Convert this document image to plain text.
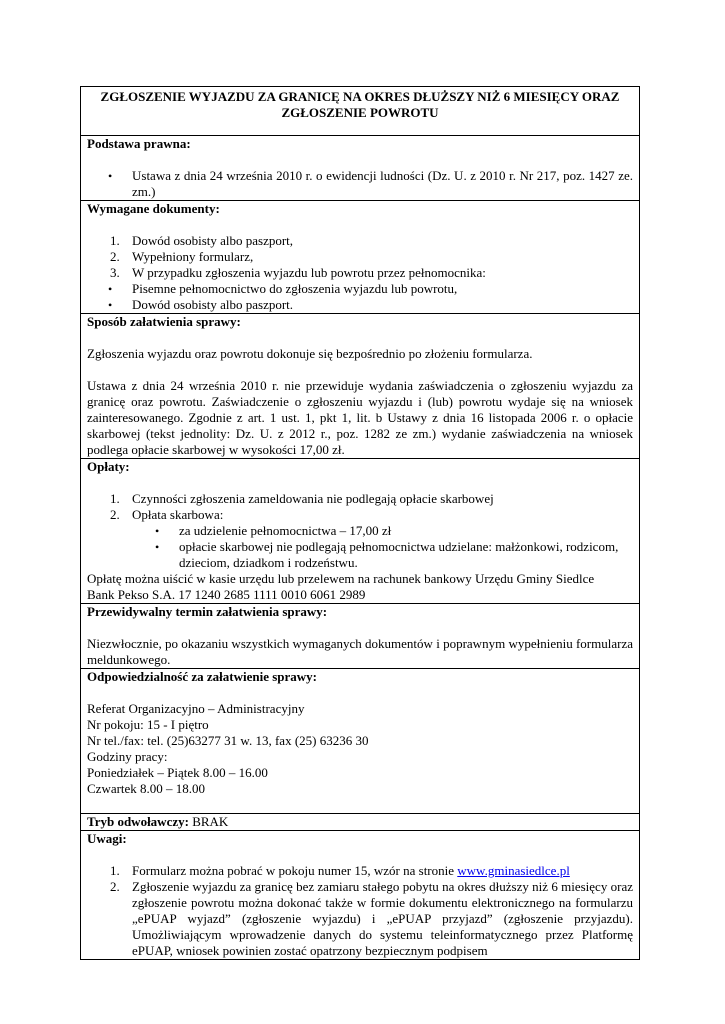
ZGŁOSZENIE WYJAZDU ZA GRANICĘ NA OKRES DŁUŻSZY NIŻ 6 MIESIĘCY ORAZ ZGŁOSZENIE POWROTU

Podstawa prawna:
• Ustawa z dnia 24 września 2010 r. o ewidencji ludności (Dz. U. z 2010 r. Nr 217, poz. 1427 ze. zm.)

Wymagane dokumenty:
1. Dowód osobisty albo paszport,
2. Wypełniony formularz,
3. W przypadku zgłoszenia wyjazdu lub powrotu przez pełnomocnika:
• Pisemne pełnomocnictwo do zgłoszenia wyjazdu lub powrotu,
• Dowód osobisty albo paszport.

Sposób załatwienia sprawy:

Zgłoszenia wyjazdu oraz powrotu dokonuje się bezpośrednio po złożeniu formularza.

Ustawa z dnia 24 września 2010 r. nie przewiduje wydania zaświadczenia o zgłoszeniu wyjazdu za granicę oraz powrotu. Zaświadczenie o zgłoszeniu wyjazdu i (lub) powrotu wydaje się na wniosek zainteresowanego. Zgodnie z art. 1 ust. 1, pkt 1, lit. b Ustawy z dnia 16 listopada 2006 r. o opłacie skarbowej (tekst jednolity: Dz. U. z 2012 r., poz. 1282 ze zm.) wydanie zaświadczenia na wniosek podlega opłacie skarbowej w wysokości 17,00 zł.

Opłaty:
1. Czynności zgłoszenia zameldowania nie podlegają opłacie skarbowej
2. Opłata skarbowa:
• za udzielenie pełnomocnictwa – 17,00 zł
• opłacie skarbowej nie podlegają pełnomocnictwa udzielane: małżonkowi, rodzicom, dzieciom, dziadkom i rodzeństwu.

Opłatę można uiścić w kasie urzędu lub przelewem na rachunek bankowy Urzędu Gminy Siedlce

Bank Pekso S.A. 17 1240 2685 1111 0010 6061 2989

Przewidywalny termin załatwienia sprawy:

Niezwłocznie, po okazaniu wszystkich wymaganych dokumentów i poprawnym wypełnieniu formularza meldunkowego.

Odpowiedzialność za załatwienie sprawy:

Referat Organizacyjno – Administracyjny

Nr pokoju: 15 - I piętro

Nr tel./fax: tel. (25)63277 31 w. 13, fax (25) 63236 30

Godziny pracy:

Poniedziałek – Piątek 8.00 – 16.00

Czwartek 8.00 – 18.00

Tryb odwoławczy: BRAK

Uwagi:
1. Formularz można pobrać w pokoju numer 15, wzór na stronie www.gminasiedlce.pl
2. Zgłoszenie wyjazdu za granicę bez zamiaru stałego pobytu na okres dłuższy niż 6 miesięcy oraz zgłoszenie powrotu można dokonać także w formie dokumentu elektronicznego na formularzu „ePUAP wyjazd” (zgłoszenie wyjazdu) i „ePUAP przyjazd” (zgłoszenie przyjazdu). Umożliwiającym wprowadzenie danych do systemu teleinformatycznego przez Platformę ePUAP, wniosek powinien zostać opatrzony bezpiecznym podpisem
